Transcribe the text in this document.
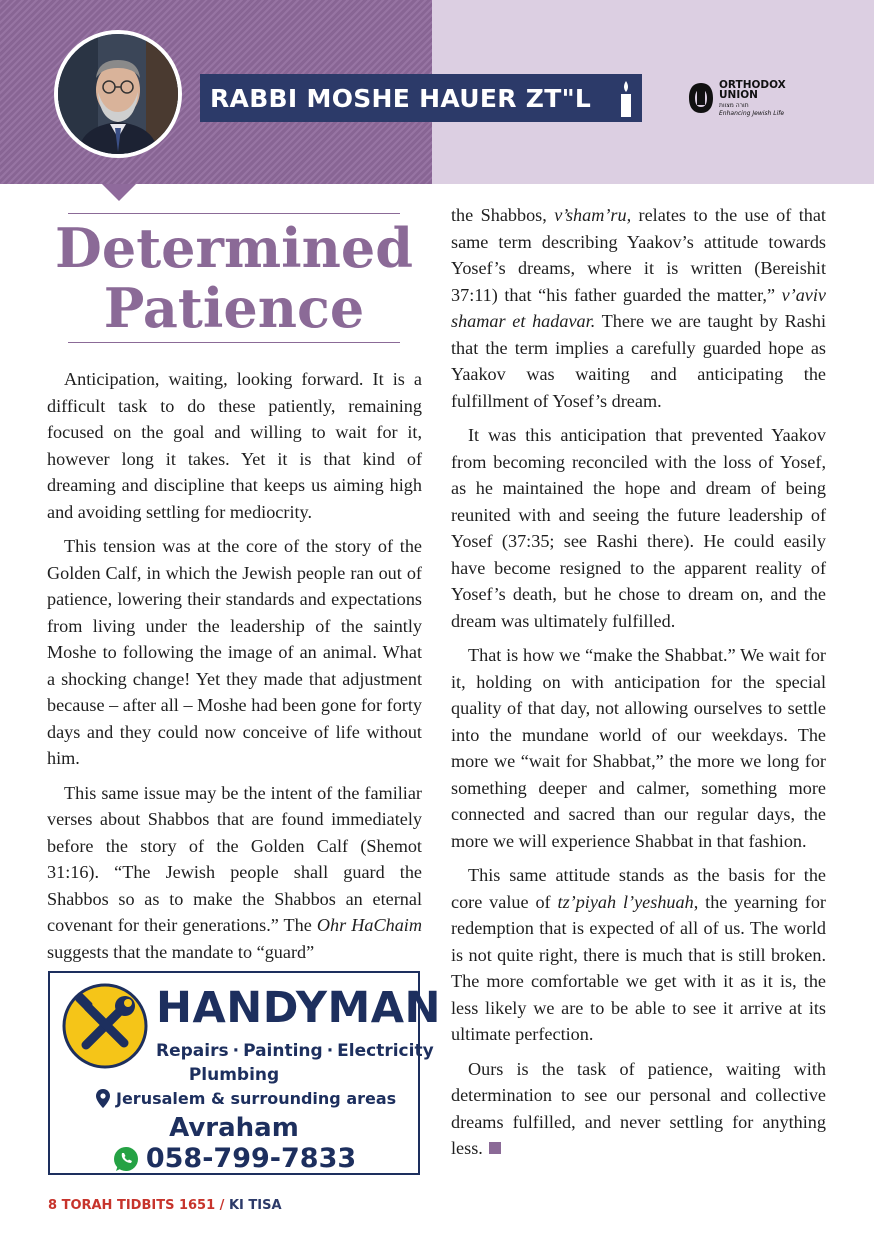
RABBI MOSHE HAUER ZT"L	ORTHODOX
UNION
תורה מצוות
Enhancing Jewish Life
Determined
Patience

Anticipation, waiting, looking forward. It is a difficult task to do these patiently, remaining focused on the goal and willing to wait for it, however long it takes. Yet it is that kind of dreaming and discipline that keeps us aiming high and avoiding settling for mediocrity.

This tension was at the core of the story of the Golden Calf, in which the Jewish people ran out of patience, lowering their standards and expectations from living under the leadership of the saintly Moshe to following the image of an animal. What a shocking change! Yet they made that adjustment because – after all – Moshe had been gone for forty days and they could now conceive of life without him.

This same issue may be the intent of the familiar verses about Shabbos that are found immediately before the story of the Golden Calf (Shemot 31:16). “The Jewish people shall guard the Shabbos so as to make the Shabbos an eternal covenant for their generations.” The Ohr HaChaim suggests that the mandate to “guard”

HANDYMAN
Repairs · Painting · Electricity
Plumbing
Jerusalem & surrounding areas
Avraham
058-799-7833

the Shabbos, v’sham’ru, relates to the use of that same term describing Yaakov’s attitude towards Yosef’s dreams, where it is written (Bereishit 37:11) that “his father guarded the matter,” v’aviv shamar et hadavar. There we are taught by Rashi that the term implies a carefully guarded hope as Yaakov was waiting and anticipating the fulfillment of Yosef’s dream.

It was this anticipation that prevented Yaakov from becoming reconciled with the loss of Yosef, as he maintained the hope and dream of being reunited with and seeing the future leadership of Yosef (37:35; see Rashi there). He could easily have become resigned to the apparent reality of Yosef’s death, but he chose to dream on, and the dream was ultimately fulfilled.

That is how we “make the Shabbat.” We wait for it, holding on with anticipation for the special quality of that day, not allowing ourselves to settle into the mundane world of our weekdays. The more we “wait for Shabbat,” the more we long for something deeper and calmer, something more connected and sacred than our regular days, the more we will experience Shabbat in that fashion.

This same attitude stands as the basis for the core value of tz’piyah l’yeshuah, the yearning for redemption that is expected of all of us. The world is not quite right, there is much that is still broken. The more comfortable we get with it as it is, the less likely we are to be able to see it arrive at its ultimate perfection.

Ours is the task of patience, waiting with determination to see our personal and collective dreams fulfilled, and never settling for anything less.

8 TORAH TIDBITS 1651 / KI TISA
